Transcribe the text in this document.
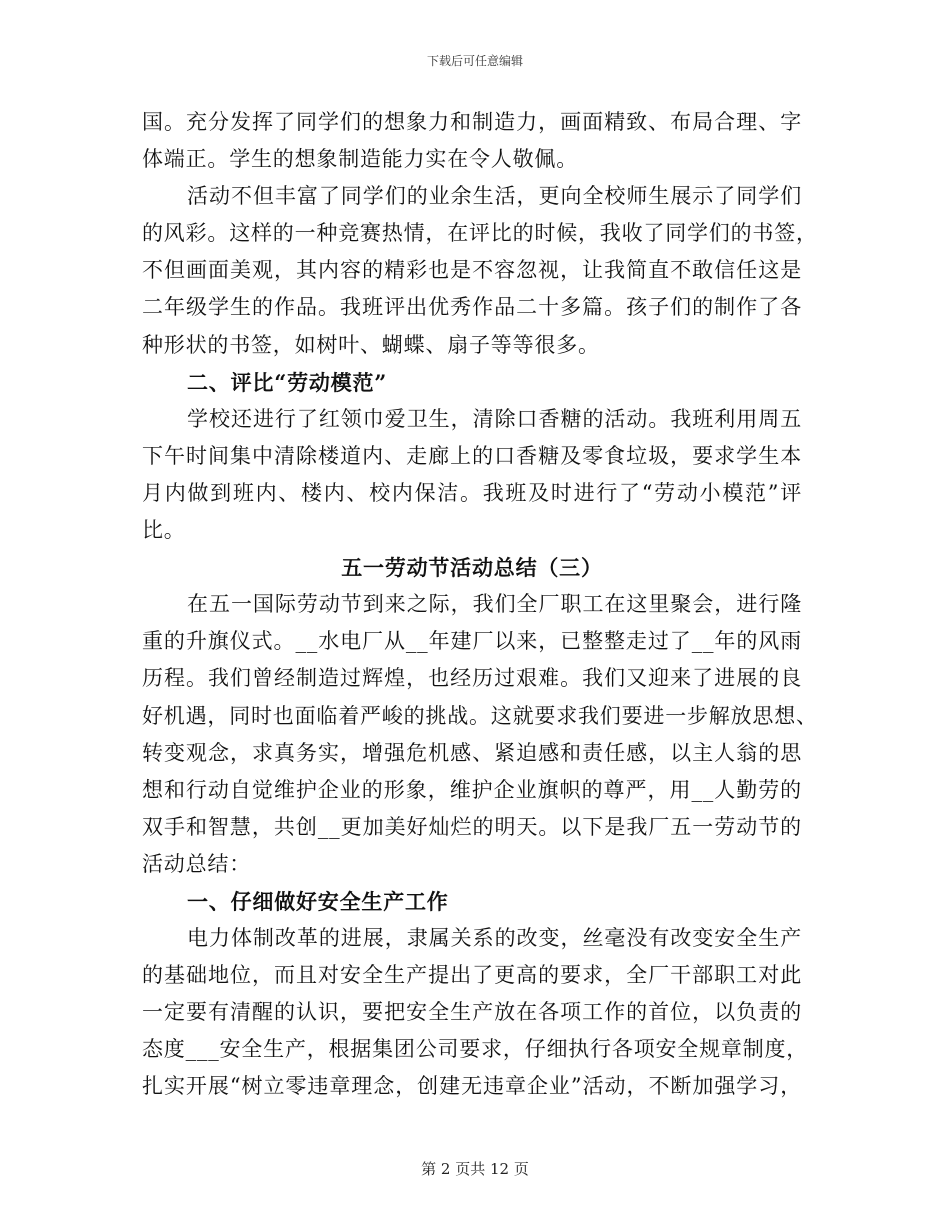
下载后可任意编辑
国。充分发挥了同学们的想象力和制造力，画面精致、布局合理、字
体端正。学生的想象制造能力实在令人敬佩。
活动不但丰富了同学们的业余生活，更向全校师生展示了同学们
的风彩。这样的一种竞赛热情，在评比的时候，我收了同学们的书签，
不但画面美观，其内容的精彩也是不容忽视，让我简直不敢信任这是
二年级学生的作品。我班评出优秀作品二十多篇。孩子们的制作了各
种形状的书签，如树叶、蝴蝶、扇子等等很多。
二、评比“劳动模范”
学校还进行了红领巾爱卫生，清除口香糖的活动。我班利用周五
下午时间集中清除楼道内、走廊上的口香糖及零食垃圾，要求学生本
月内做到班内、楼内、校内保洁。我班及时进行了“劳动小模范”评
比。
五一劳动节活动总结（三）
在五一国际劳动节到来之际，我们全厂职工在这里聚会，进行隆
重的升旗仪式。__水电厂从__年建厂以来，已整整走过了__年的风雨
历程。我们曾经制造过辉煌，也经历过艰难。我们又迎来了进展的良
好机遇，同时也面临着严峻的挑战。这就要求我们要进一步解放思想、
转变观念，求真务实，增强危机感、紧迫感和责任感，以主人翁的思
想和行动自觉维护企业的形象，维护企业旗帜的尊严，用__人勤劳的
双手和智慧，共创__更加美好灿烂的明天。以下是我厂五一劳动节的
活动总结：
一、仔细做好安全生产工作
电力体制改革的进展，隶属关系的改变，丝毫没有改变安全生产
的基础地位，而且对安全生产提出了更高的要求，全厂干部职工对此
一定要有清醒的认识，要把安全生产放在各项工作的首位，以负责的
态度___安全生产，根据集团公司要求，仔细执行各项安全规章制度，
扎实开展“树立零违章理念，创建无违章企业”活动，不断加强学习，
第 2 页共 12 页
